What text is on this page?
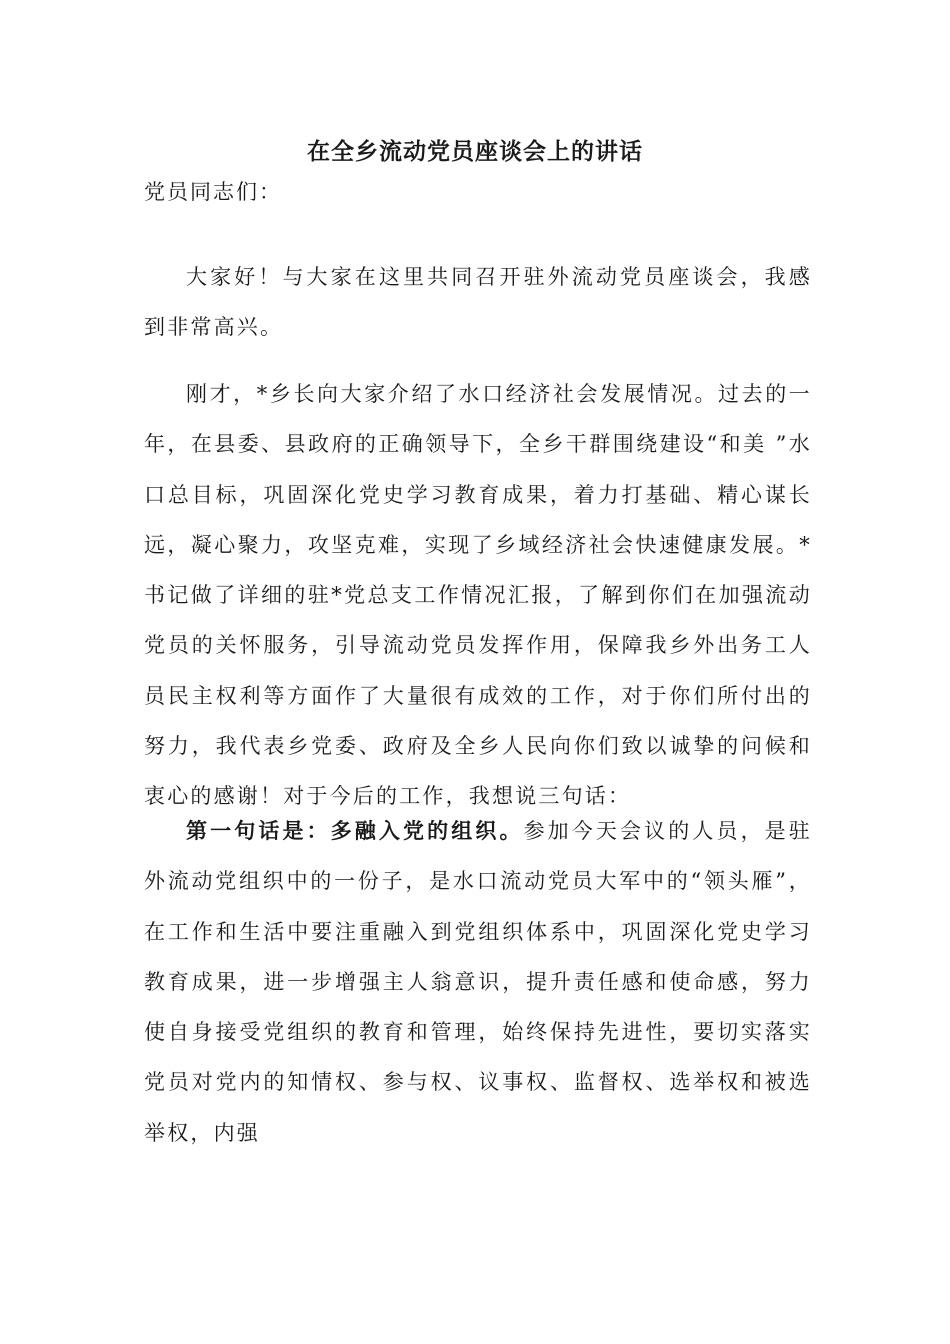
在全乡流动党员座谈会上的讲话
党员同志们：

大家好！与大家在这里共同召开驻外流动党员座谈会，我感到非常高兴。

刚才，*乡长向大家介绍了水口经济社会发展情况。过去的一年，在县委、县政府的正确领导下，全乡干群围绕建设“和美 ”水口总目标，巩固深化党史学习教育成果，着力打基础、精心谋长远，凝心聚力，攻坚克难，实现了乡域经济社会快速健康发展。*书记做了详细的驻*党总支工作情况汇报，了解到你们在加强流动党员的关怀服务，引导流动党员发挥作用，保障我乡外出务工人员民主权利等方面作了大量很有成效的工作，对于你们所付出的努力，我代表乡党委、政府及全乡人民向你们致以诚挚的问候和衷心的感谢！对于今后的工作，我想说三句话：

第一句话是：多融入党的组织。参加今天会议的人员，是驻外流动党组织中的一份子，是水口流动党员大军中的“领头雁”，在工作和生活中要注重融入到党组织体系中，巩固深化党史学习教育成果，进一步增强主人翁意识，提升责任感和使命感，努力使自身接受党组织的教育和管理，始终保持先进性，要切实落实党员对党内的知情权、参与权、议事权、监督权、选举权和被选举权，内强
